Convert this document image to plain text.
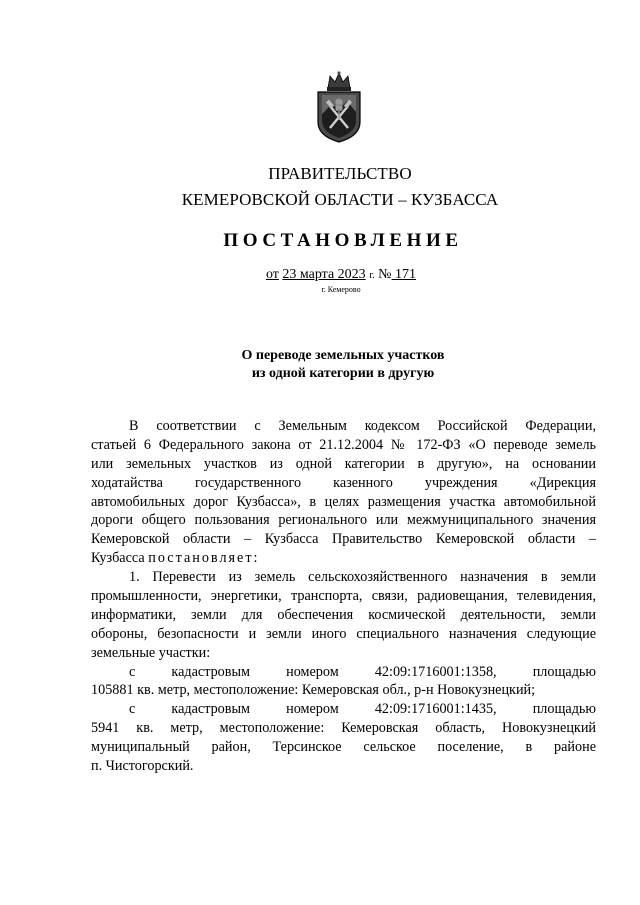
ПРАВИТЕЛЬСТВО
КЕМЕРОВСКОЙ ОБЛАСТИ – КУЗБАССА
ПОСТАНОВЛЕНИЕ
от 23 марта 2023 г. № 171
г. Кемерово
О переводе земельных участков
из одной категории в другую
В соответствии с Земельным кодексом Российской Федерации,
статьей 6 Федерального закона от 21.12.2004 № 172-ФЗ «О переводе земель
или земельных участков из одной категории в другую», на основании
ходатайства государственного казенного учреждения «Дирекция
автомобильных дорог Кузбасса», в целях размещения участка автомобильной
дороги общего пользования регионального или межмуниципального значения
Кемеровской области – Кузбасса Правительство Кемеровской области –
Кузбасса постановляет:
1. Перевести из земель сельскохозяйственного назначения в земли
промышленности, энергетики, транспорта, связи, радиовещания, телевидения,
информатики, земли для обеспечения космической деятельности, земли
обороны, безопасности и земли иного специального назначения следующие
земельные участки:
с кадастровым номером 42:09:1716001:1358, площадью
105881 кв. метр, местоположение: Кемеровская обл., р-н Новокузнецкий;
с кадастровым номером 42:09:1716001:1435, площадью
5941 кв. метр, местоположение: Кемеровская область, Новокузнецкий
муниципальный район, Терсинское сельское поселение, в районе
п. Чистогорский.
